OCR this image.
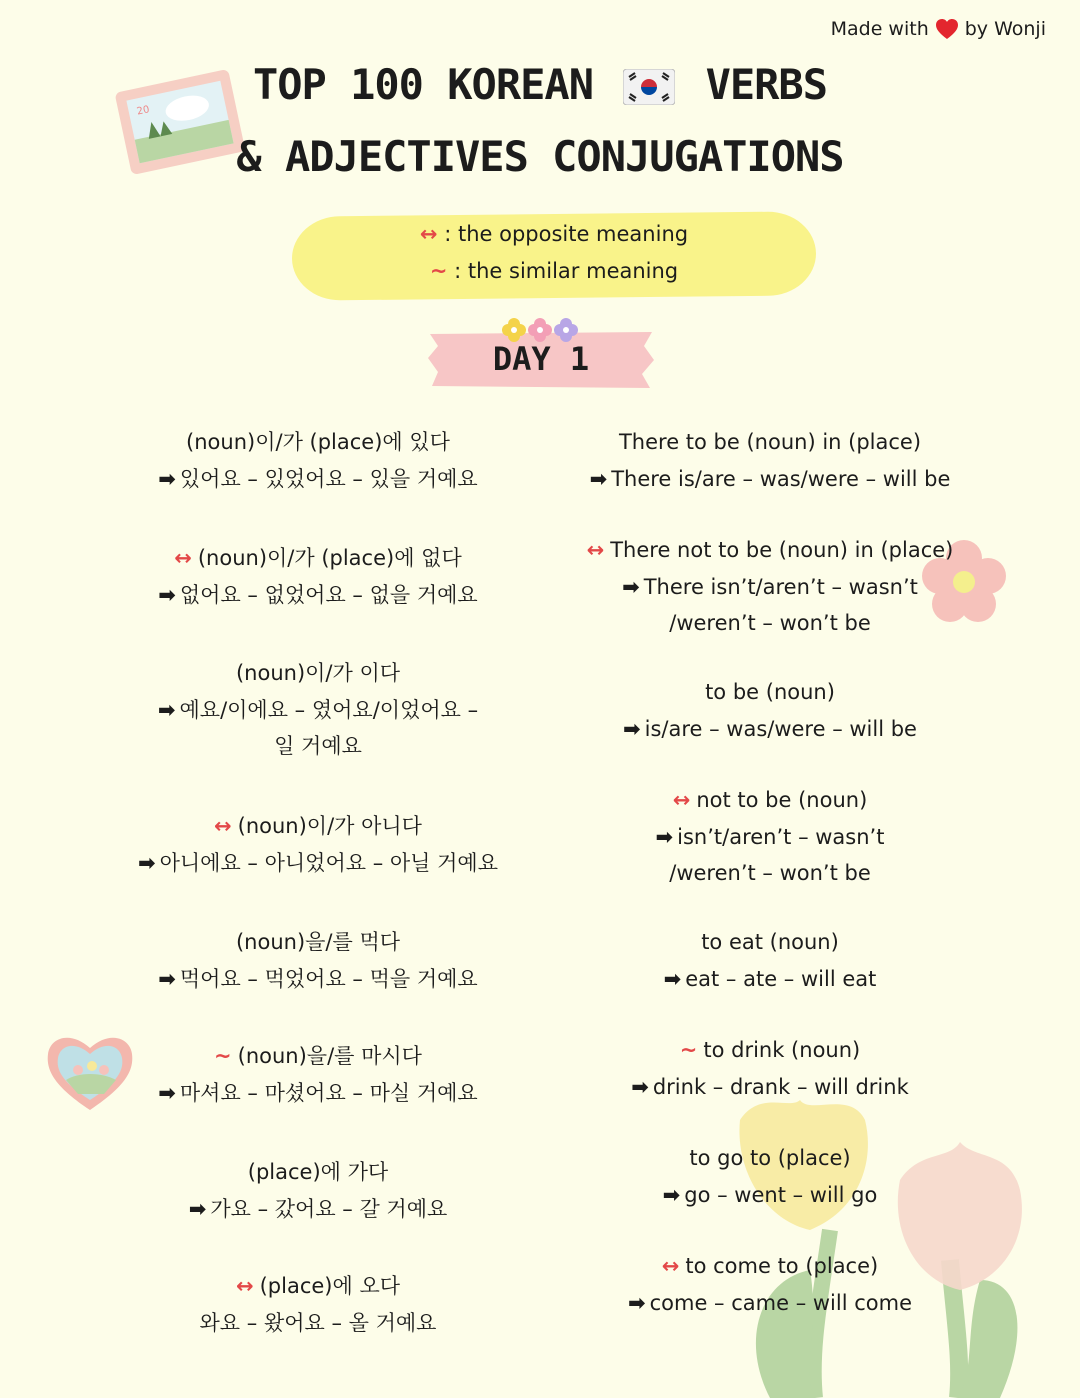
20
Made with by Wonji
TOP 100 KOREAN	VERBS
& ADJECTIVES CONJUGATIONS
↔ : the opposite meaning
~ : the similar meaning
DAY 1
(noun)이/가 (place)에 있다
➡ 있어요 – 있었어요 – 있을 거예요
↔ (noun)이/가 (place)에 없다
➡ 없어요 – 없었어요 – 없을 거예요
(noun)이/가 이다
➡ 예요/이에요 – 였어요/이었어요 –
일 거예요
↔ (noun)이/가 아니다
➡ 아니에요 – 아니었어요 – 아닐 거예요
(noun)을/를 먹다
➡ 먹어요 – 먹었어요 – 먹을 거예요
~ (noun)을/를 마시다
➡ 마셔요 – 마셨어요 – 마실 거예요
(place)에 가다
➡ 가요 – 갔어요 – 갈 거예요
↔ (place)에 오다
와요 – 왔어요 – 올 거예요
There to be (noun) in (place)
➡ There is/are – was/were – will be
↔ There not to be (noun) in (place)
➡ There isn’t/aren’t – wasn’t
/weren’t – won’t be
to be (noun)
➡ is/are – was/were – will be
↔ not to be (noun)
➡ isn’t/aren’t – wasn’t
/weren’t – won’t be
to eat (noun)
➡ eat – ate – will eat
~ to drink (noun)
➡ drink – drank – will drink
to go to (place)
➡ go – went – will go
↔ to come to (place)
➡ come – came – will come
